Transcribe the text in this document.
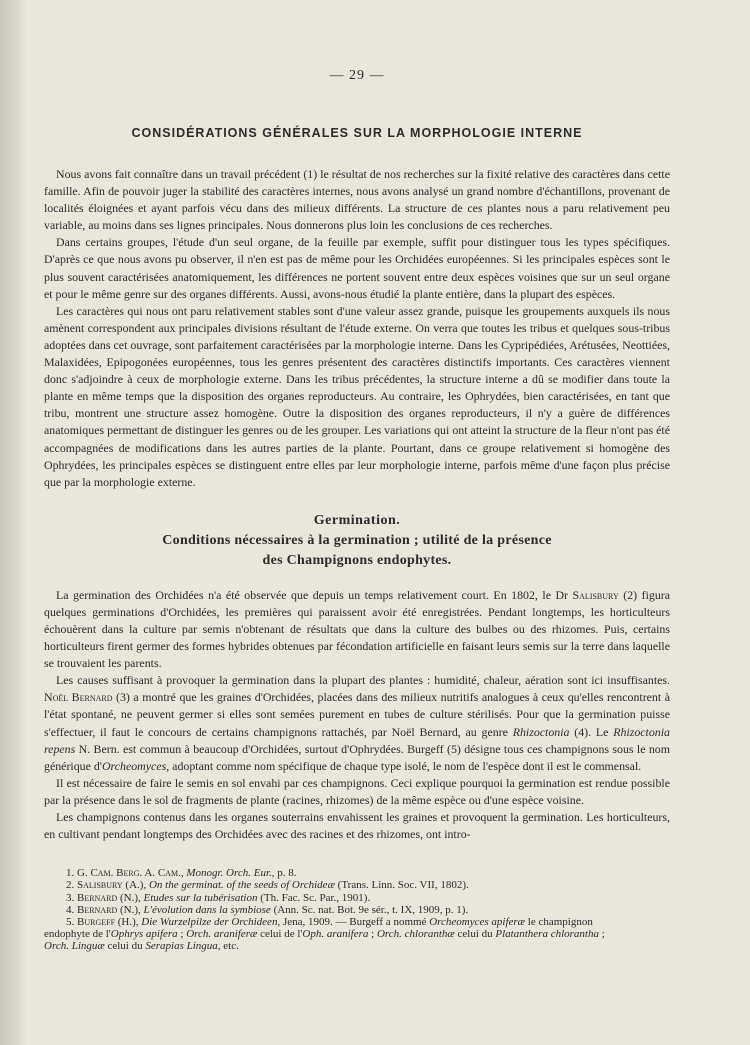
— 29 —
CONSIDÉRATIONS GÉNÉRALES SUR LA MORPHOLOGIE INTERNE

Nous avons fait connaître dans un travail précédent (1) le résultat de nos recherches sur la fixité relative des caractères dans cette famille. Afin de pouvoir juger la stabilité des caractères internes, nous avons analysé un grand nombre d'échantillons, provenant de localités éloignées et ayant parfois vécu dans des milieux différents. La structure de ces plantes nous a paru relativement peu variable, au moins dans ses lignes principales. Nous donnerons plus loin les conclusions de ces recherches.

Dans certains groupes, l'étude d'un seul organe, de la feuille par exemple, suffit pour distinguer tous les types spécifiques. D'après ce que nous avons pu observer, il n'en est pas de même pour les Orchidées européennes. Si les principales espèces sont le plus souvent caractérisées anatomiquement, les différences ne portent souvent entre deux espèces voisines que sur un seul organe et pour le même genre sur des organes différents. Aussi, avons-nous étudié la plante entière, dans la plupart des espèces.

Les caractères qui nous ont paru relativement stables sont d'une valeur assez grande, puisque les groupements auxquels ils nous amènent correspondent aux principales divisions résultant de l'étude externe. On verra que toutes les tribus et quelques sous-tribus adoptées dans cet ouvrage, sont parfaitement caractérisées par la morphologie interne. Dans les Cypripédiées, Arétusées, Neottiées, Malaxidées, Epipogonées européennes, tous les genres présentent des caractères distinctifs importants. Ces caractères viennent donc s'adjoindre à ceux de morphologie externe. Dans les tribus précédentes, la structure interne a dû se modifier dans toute la plante en même temps que la disposition des organes reproducteurs. Au contraire, les Ophrydées, bien caractérisées, en tant que tribu, montrent une structure assez homogène. Outre la disposition des organes reproducteurs, il n'y a guère de différences anatomiques permettant de distinguer les genres ou de les grouper. Les variations qui ont atteint la structure de la fleur n'ont pas été accompagnées de modifications dans les autres parties de la plante. Pourtant, dans ce groupe relativement si homogène des Ophrydées, les principales espèces se distinguent entre elles par leur morphologie interne, parfois même d'une façon plus précise que par la morphologie externe.

Germination.
Conditions nécessaires à la germination ; utilité de la présence
des Champignons endophytes.

La germination des Orchidées n'a été observée que depuis un temps relativement court. En 1802, le Dr Salisbury (2) figura quelques germinations d'Orchidées, les premières qui paraissent avoir été enregistrées. Pendant longtemps, les horticulteurs échouèrent dans la culture par semis n'obtenant de résultats que dans la culture des bulbes ou des rhizomes. Puis, certains horticulteurs firent germer des formes hybrides obtenues par fécondation artificielle en faisant leurs semis sur la terre dans laquelle se trouvaient les parents.

Les causes suffisant à provoquer la germination dans la plupart des plantes : humidité, chaleur, aération sont ici insuffisantes. Noël Bernard (3) a montré que les graines d'Orchidées, placées dans des milieux nutritifs analogues à ceux qu'elles rencontrent à l'état spontané, ne peuvent germer si elles sont semées purement en tubes de culture stérilisés. Pour que la germination puisse s'effectuer, il faut le concours de certains champignons rattachés, par Noël Bernard, au genre Rhizoctonia (4). Le Rhizoctonia repens N. Bern. est commun à beaucoup d'Orchidées, surtout d'Ophrydées. Burgeff (5) désigne tous ces champignons sous le nom générique d'Orcheomyces, adoptant comme nom spécifique de chaque type isolé, le nom de l'espèce dont il est le commensal.

Il est nécessaire de faire le semis en sol envahi par ces champignons. Ceci explique pourquoi la germination est rendue possible par la présence dans le sol de fragments de plante (racines, rhizomes) de la même espèce ou d'une espèce voisine.

Les champignons contenus dans les organes souterrains envahissent les graines et provoquent la germination. Les horticulteurs, en cultivant pendant longtemps des Orchidées avec des racines et des rhizomes, ont intro-

1. G. Cam. Berg. A. Cam., Monogr. Orch. Eur., p. 8.

2. Salisbury (A.), On the germinat. of the seeds of Orchideæ (Trans. Linn. Soc. VII, 1802).

3. Bernard (N.), Etudes sur la tubérisation (Th. Fac. Sc. Par., 1901).

4. Bernard (N.), L'évolution dans la symbiose (Ann. Sc. nat. Bot. 9e sér., t. IX, 1909, p. 1).

5. Burgeff (H.), Die Wurzelpilze der Orchideen, Jena, 1909. — Burgeff a nommé Orcheomyces apiferæ le champignon

endophyte de l'Ophrys apifera ; Orch. araniferæ celui de l'Oph. aranifera ; Orch. chloranthæ celui du Platanthera chlorantha ;

Orch. Linguæ celui du Serapias Lingua, etc.
